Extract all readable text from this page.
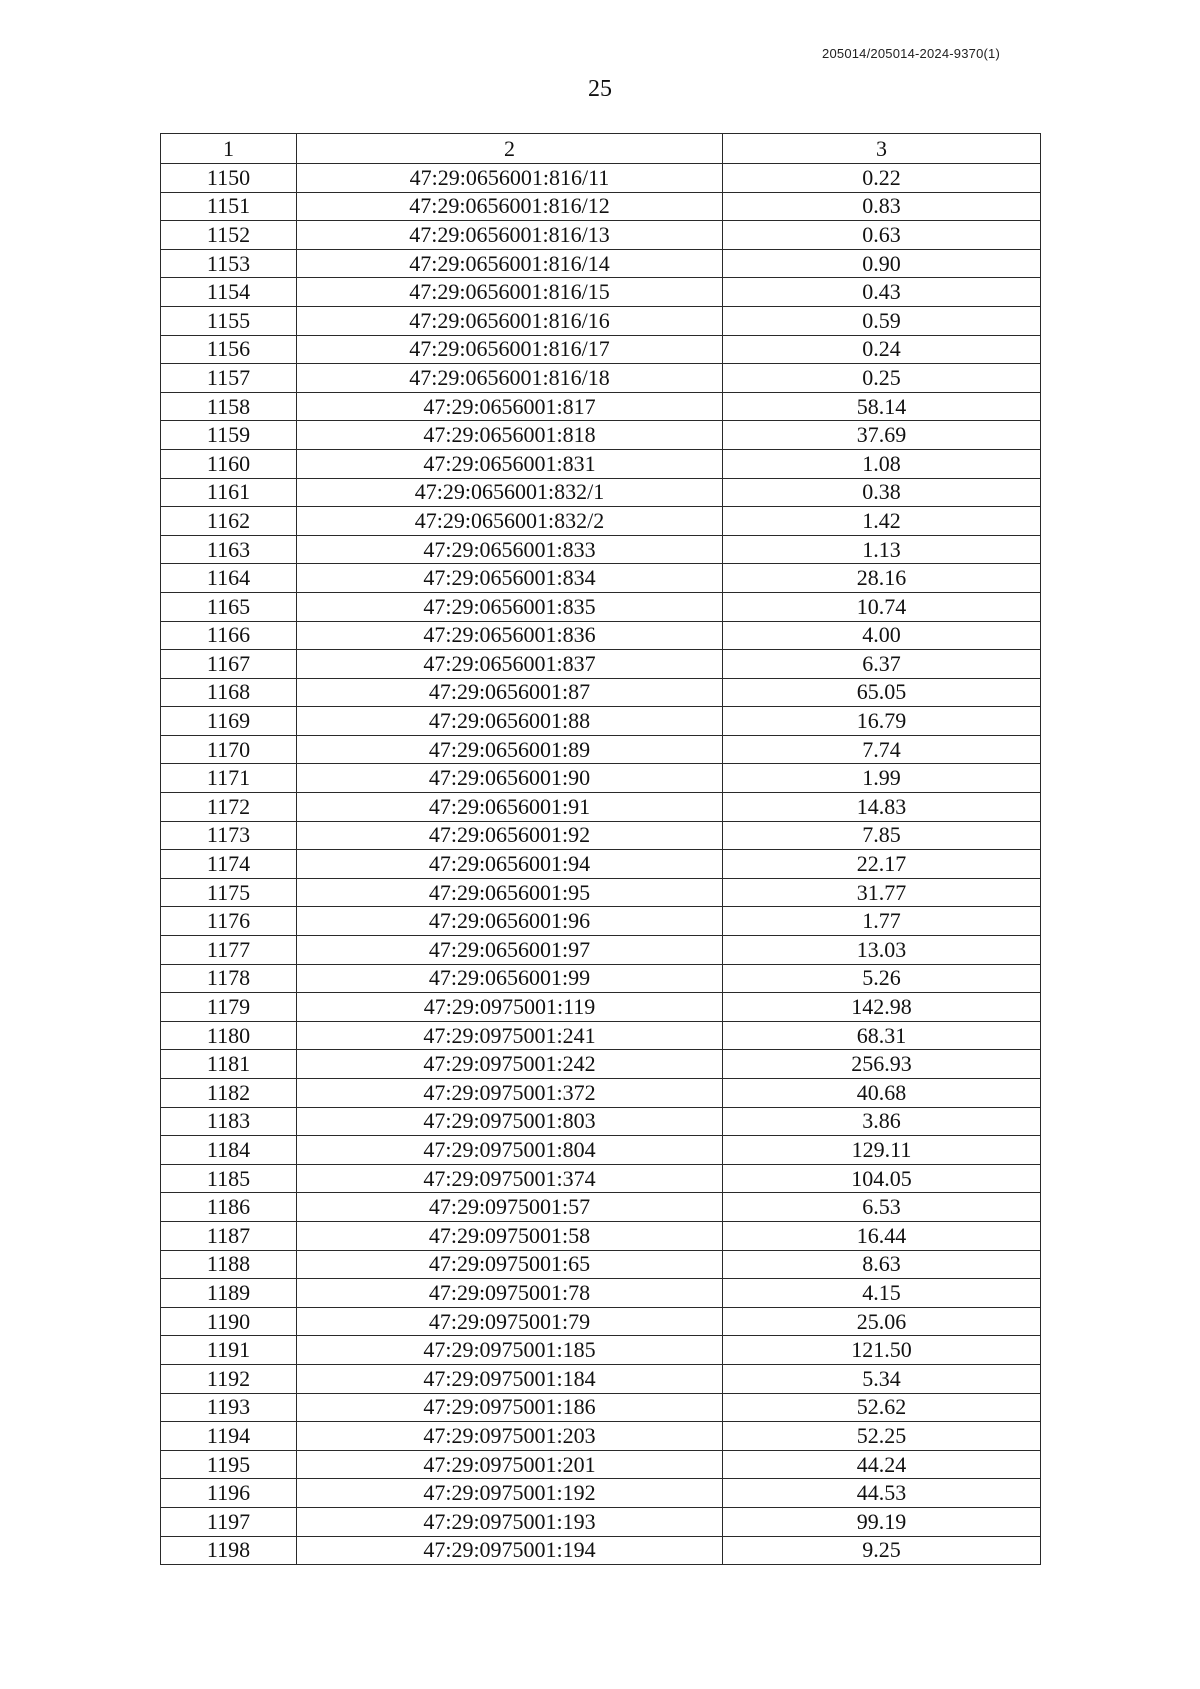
205014/205014-2024-9370(1)
25
1	2	3
1150	47:29:0656001:816/11	0.22
1151	47:29:0656001:816/12	0.83
1152	47:29:0656001:816/13	0.63
1153	47:29:0656001:816/14	0.90
1154	47:29:0656001:816/15	0.43
1155	47:29:0656001:816/16	0.59
1156	47:29:0656001:816/17	0.24
1157	47:29:0656001:816/18	0.25
1158	47:29:0656001:817	58.14
1159	47:29:0656001:818	37.69
1160	47:29:0656001:831	1.08
1161	47:29:0656001:832/1	0.38
1162	47:29:0656001:832/2	1.42
1163	47:29:0656001:833	1.13
1164	47:29:0656001:834	28.16
1165	47:29:0656001:835	10.74
1166	47:29:0656001:836	4.00
1167	47:29:0656001:837	6.37
1168	47:29:0656001:87	65.05
1169	47:29:0656001:88	16.79
1170	47:29:0656001:89	7.74
1171	47:29:0656001:90	1.99
1172	47:29:0656001:91	14.83
1173	47:29:0656001:92	7.85
1174	47:29:0656001:94	22.17
1175	47:29:0656001:95	31.77
1176	47:29:0656001:96	1.77
1177	47:29:0656001:97	13.03
1178	47:29:0656001:99	5.26
1179	47:29:0975001:119	142.98
1180	47:29:0975001:241	68.31
1181	47:29:0975001:242	256.93
1182	47:29:0975001:372	40.68
1183	47:29:0975001:803	3.86
1184	47:29:0975001:804	129.11
1185	47:29:0975001:374	104.05
1186	47:29:0975001:57	6.53
1187	47:29:0975001:58	16.44
1188	47:29:0975001:65	8.63
1189	47:29:0975001:78	4.15
1190	47:29:0975001:79	25.06
1191	47:29:0975001:185	121.50
1192	47:29:0975001:184	5.34
1193	47:29:0975001:186	52.62
1194	47:29:0975001:203	52.25
1195	47:29:0975001:201	44.24
1196	47:29:0975001:192	44.53
1197	47:29:0975001:193	99.19
1198	47:29:0975001:194	9.25
